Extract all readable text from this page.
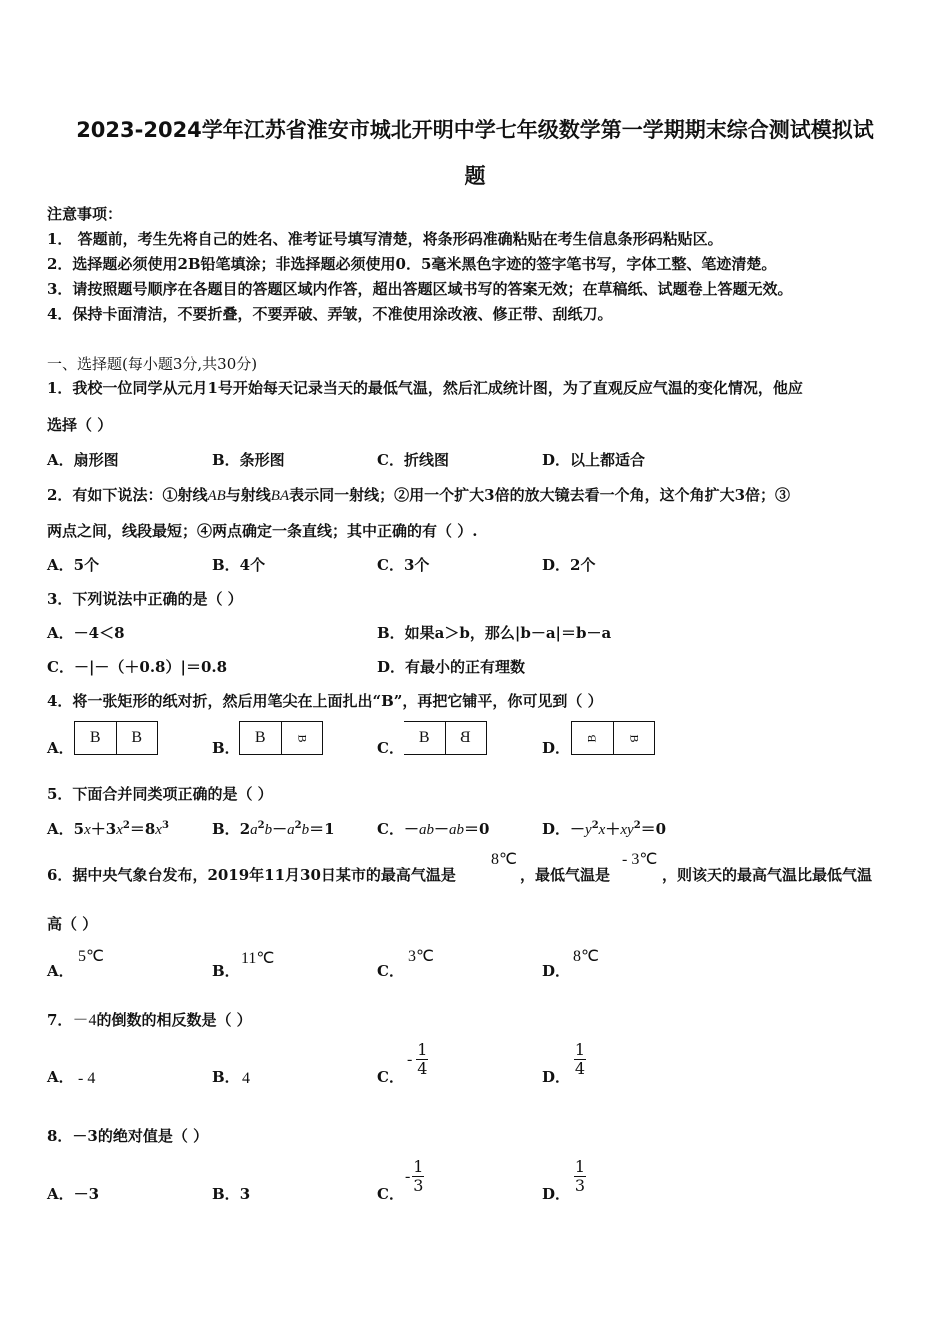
2023-2024学年江苏省淮安市城北开明中学七年级数学第一学期期末综合测试模拟试
题
注意事项：
1． 答题前，考生先将自己的姓名、准考证号填写清楚，将条形码准确粘贴在考生信息条形码粘贴区。
2．选择题必须使用2B铅笔填涂；非选择题必须使用0．5毫米黑色字迹的签字笔书写，字体工整、笔迹清楚。
3．请按照题号顺序在各题目的答题区域内作答，超出答题区域书写的答案无效；在草稿纸、试题卷上答题无效。
4．保持卡面清洁，不要折叠，不要弄破、弄皱，不准使用涂改液、修正带、刮纸刀。
一、选择题(每小题3分,共30分)
1．我校一位同学从元月1号开始每天记录当天的最低气温，然后汇成统计图，为了直观反应气温的变化情况，他应
选择（ ）
A．扇形图	B．条形图	C．折线图	D．以上都适合
2．有如下说法：①射线AB与射线BA表示同一射线；②用一个扩大3倍的放大镜去看一个角，这个角扩大3倍；③
两点之间，线段最短；④两点确定一条直线；其中正确的有（ ）.
A．5个	B．4个	C．3个	D．2个
3．下列说法中正确的是（ ）
A．－4＜8	B．如果a＞b，那么|b－a|＝b－a
C．－|－（＋0.8）|＝0.8	D．有最小的正有理数
4．将一张矩形的纸对折，然后用笔尖在上面扎出“B”，再把它铺平，你可见到（ ）
A．
B	B
B．
B	B
C．
B	B
D．
B B
5．下面合并同类项正确的是（ ）
A．$5x+3x^2=8x^3$	B．$2a^2b-a^2b=1$	C．－ab－ab＝0	D．$-y^2x+xy^2=0$
6．据中央气象台发布，2019年11月30日某市的最高气温是
8℃
，最低气温是
- 3℃
，则该天的最高气温比最低气温
高（ ）
A．
5℃
B．
11℃
C．
3℃
D．
8℃
7．－4的倒数的相反数是（ ）
A． - 4	B． 4	C．
- $\frac{1}{4}$	D． $\frac{1}{4}$
8．－3的绝对值是（ ）
A．－3	B．3	C．
- $\frac{1}{3}$	D． $\frac{1}{3}$
